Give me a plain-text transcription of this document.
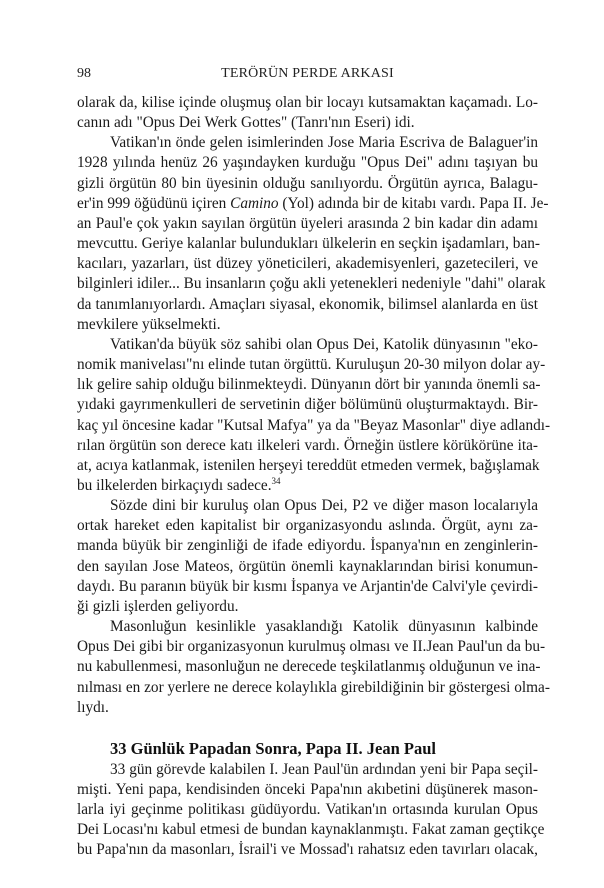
98	TERÖRÜN PERDE ARKASI

olarak da, kilise içinde oluşmuş olan bir locayı kutsamaktan kaçamadı. Lo-
canın adı "Opus Dei Werk Gottes" (Tanrı'nın Eseri) idi.

Vatikan'ın önde gelen isimlerinden Jose Maria Escriva de Balaguer'in
1928 yılında henüz 26 yaşındayken kurduğu "Opus Dei" adını taşıyan bu
gizli örgütün 80 bin üyesinin olduğu sanılıyordu. Örgütün ayrıca, Balagu-
er'in 999 öğüdünü içiren Camino (Yol) adında bir de kitabı vardı. Papa II. Je-
an Paul'e çok yakın sayılan örgütün üyeleri arasında 2 bin kadar din adamı
mevcuttu. Geriye kalanlar bulundukları ülkelerin en seçkin işadamları, ban-
kacıları, yazarları, üst düzey yöneticileri, akademisyenleri, gazetecileri, ve
bilginleri idiler... Bu insanların çoğu akli yetenekleri nedeniyle "dahi" olarak
da tanımlanıyorlardı. Amaçları siyasal, ekonomik, bilimsel alanlarda en üst
mevkilere yükselmekti.

Vatikan'da büyük söz sahibi olan Opus Dei, Katolik dünyasının "eko-
nomik manivelası"nı elinde tutan örgüttü. Kuruluşun 20-30 milyon dolar ay-
lık gelire sahip olduğu bilinmekteydi. Dünyanın dört bir yanında önemli sa-
yıdaki gayrımenkulleri de servetinin diğer bölümünü oluşturmaktaydı. Bir-
kaç yıl öncesine kadar "Kutsal Mafya" ya da "Beyaz Masonlar" diye adlandı-
rılan örgütün son derece katı ilkeleri vardı. Örneğin üstlere körükörüne ita-
at, acıya katlanmak, istenilen herşeyi tereddüt etmeden vermek, bağışlamak
bu ilkelerden birkaçıydı sadece.$^{34}$

Sözde dini bir kuruluş olan Opus Dei, P2 ve diğer mason localarıyla
ortak hareket eden kapitalist bir organizasyondu aslında. Örgüt, aynı za-
manda büyük bir zenginliği de ifade ediyordu. İspanya'nın en zenginlerin-
den sayılan Jose Mateos, örgütün önemli kaynaklarından birisi konumun-
daydı. Bu paranın büyük bir kısmı İspanya ve Arjantin'de Calvi'yle çevirdi-
ği gizli işlerden geliyordu.

Masonluğun kesinlikle yasaklandığı Katolik dünyasının kalbinde
Opus Dei gibi bir organizasyonun kurulmuş olması ve II.Jean Paul'un da bu-
nu kabullenmesi, masonluğun ne derecede teşkilatlanmış olduğunun ve ina-
nılması en zor yerlere ne derece kolaylıkla girebildiğinin bir göstergesi olma-
lıydı.

33 Günlük Papadan Sonra, Papa II. Jean Paul

33 gün görevde kalabilen I. Jean Paul'ün ardından yeni bir Papa seçil-
mişti. Yeni papa, kendisinden önceki Papa'nın akıbetini düşünerek mason-
larla iyi geçinme politikası güdüyordu. Vatikan'ın ortasında kurulan Opus
Dei Locası'nı kabul etmesi de bundan kaynaklanmıştı. Fakat zaman geçtikçe
bu Papa'nın da masonları, İsrail'i ve Mossad'ı rahatsız eden tavırları olacak,
